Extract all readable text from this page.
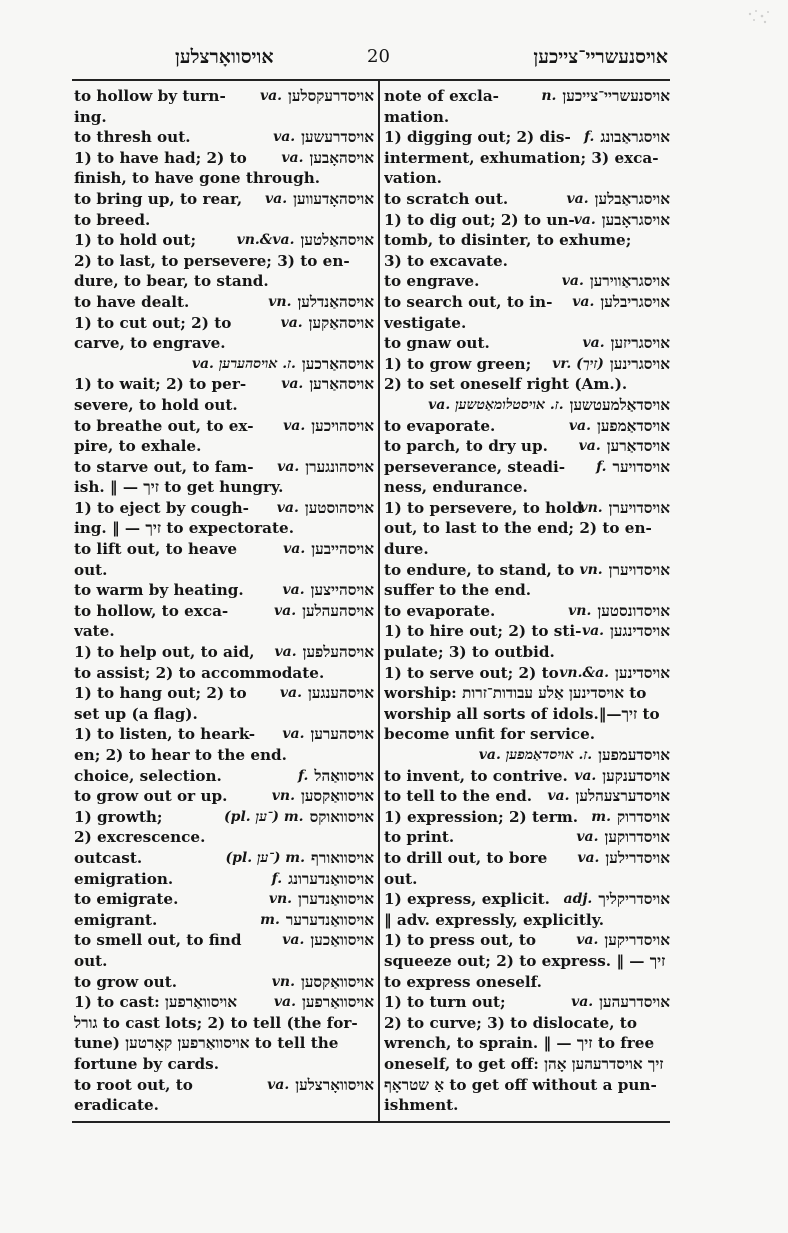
אויסוואָרצלען	20	אויסנעשריי־צייכען
אויסדרעקסלען
va.
to hollow by turn-
ing.
אויסדרעשען
va.
to thresh out.
אויסהאָבען
va.
1) to have had; 2) to
finish, to have gone through.
אויסהאָדעווען
va.
to bring up, to rear,
to breed.
אויסהאַלטען
vn.&va.
1) to hold out;
2) to last, to persevere; 3) to en-
dure, to bear, to stand.
אויסהאַנדלען
vn.
to have dealt.
אויסהאַקען
va.
1) to cut out; 2) to
carve, to engrave.
אויסהאַרכען
va. ז. אויסהערען.
אויסהאַרען
va.
1) to wait; 2) to per-
severe, to hold out.
אויסהויכען
va.
to breathe out, to ex-
pire, to exhale.
אויסהונגערן
va.
to starve out, to fam-
ish. ‖ — זיך to get hungry.
אויסהוסטען
va.
1) to eject by cough-
ing. ‖ — זיך to expectorate.
אויסהייבען
va.
to lift out, to heave
out.
אויסהייצען
va.
to warm by heating.
אויסהעהלען
va.
to hollow, to exca-
vate.
אויסהעלפען
va.
1) to help out, to aid,
to assist; 2) to accommodate.
אויסהענגען
va.
1) to hang out; 2) to
set up (a flag).
אויסהערען
va.
1) to listen, to heark-
en; 2) to hear to the end.
אויסוואַהל
f.
choice, selection.
אויסוואַקסען
vn.
to grow out or up.
אויסוואוקס
(pl. ־ען) m.
1) growth;
2) excrescence.
אויסוואורף
(pl. ־ען) m.
outcast.
אויסוואַנדערונג
f.
emigration.
אויסוואַנדערן
vn.
to emigrate.
אויסוואַנדערער
m.
emigrant.
אויסוואַכען
va.
to smell out, to find
out.
אויסוואַקסען
vn.
to grow out.
אויסוואַרפען
va.
1) to cast: אויסוואַרפען
גורל to cast lots; 2) to tell (the for-
tune) אויסוואַרפען קאָרטען to tell the
fortune by cards.
אויסוואָרצלען
va.
to root out, to
eradicate.
אויסנעשריי־צייכען
n.
note of excla-
mation.
אויסגראַבונג
f.
1) digging out; 2) dis-
interment, exhumation; 3) exca-
vation.
אויסגראַבלען
va.
to scratch out.
אויסגראָבען
va.
1) to dig out; 2) to un-
tomb, to disinter, to exhume;
3) to excavate.
אויסגראַווירען
va.
to engrave.
אויסגריבלען
va.
to search out, to in-
vestigate.
אויסגריזען
va.
to gnaw out.
אויסגרינען
vr. (זיך)
1) to grow green;
2) to set oneself right (Am.).
אויסדאַלמעטשען
va. ז. אויסטלומאַטשען.
אויסדאַמפען
va.
to evaporate.
אויסדאַרען
va.
to parch, to dry up.
אויסדויער
f.
perseverance, steadi-
ness, endurance.
אויסדויערן
vn.
1) to persevere, to hold
out, to last to the end; 2) to en-
dure.
אויסדויערן
vn.
to endure, to stand, to
suffer to the end.
אויסדונסטען
vn.
to evaporate.
אויסדינגען
va.
1) to hire out; 2) to sti-
pulate; 3) to outbid.
אויסדינען
vn.&a.
1) to serve out; 2) to
worship: אויסדינען אַלע עבודות־זרות to
worship all sorts of idols.‖—זיך to
become unfit for service.
אויסדעמפען
va. ז. אויסדאַמפען.
אויסדענקען
va.
to invent, to contrive.
אויסדערצעהלען
va.
to tell to the end.
אויסדרוק
m.
1) expression; 2) term.
אויסדרוקען
va.
to print.
אויסדרילען
va.
to drill out, to bore
out.
אויסדריקליך
adj.
1) express, explicit.
‖ adv. expressly, explicitly.
אויסדריקען
va.
1) to press out, to
squeeze out; 2) to express. ‖ — זיך
to express oneself.
אויסדרעהען
va.
1) to turn out;
2) to curve; 3) to dislocate, to
wrench, to sprain. ‖ — זיך to free
oneself, to get off: זיך אויסדרעהען אָהן
אַ שטראָף to get off without a pun-
ishment.
